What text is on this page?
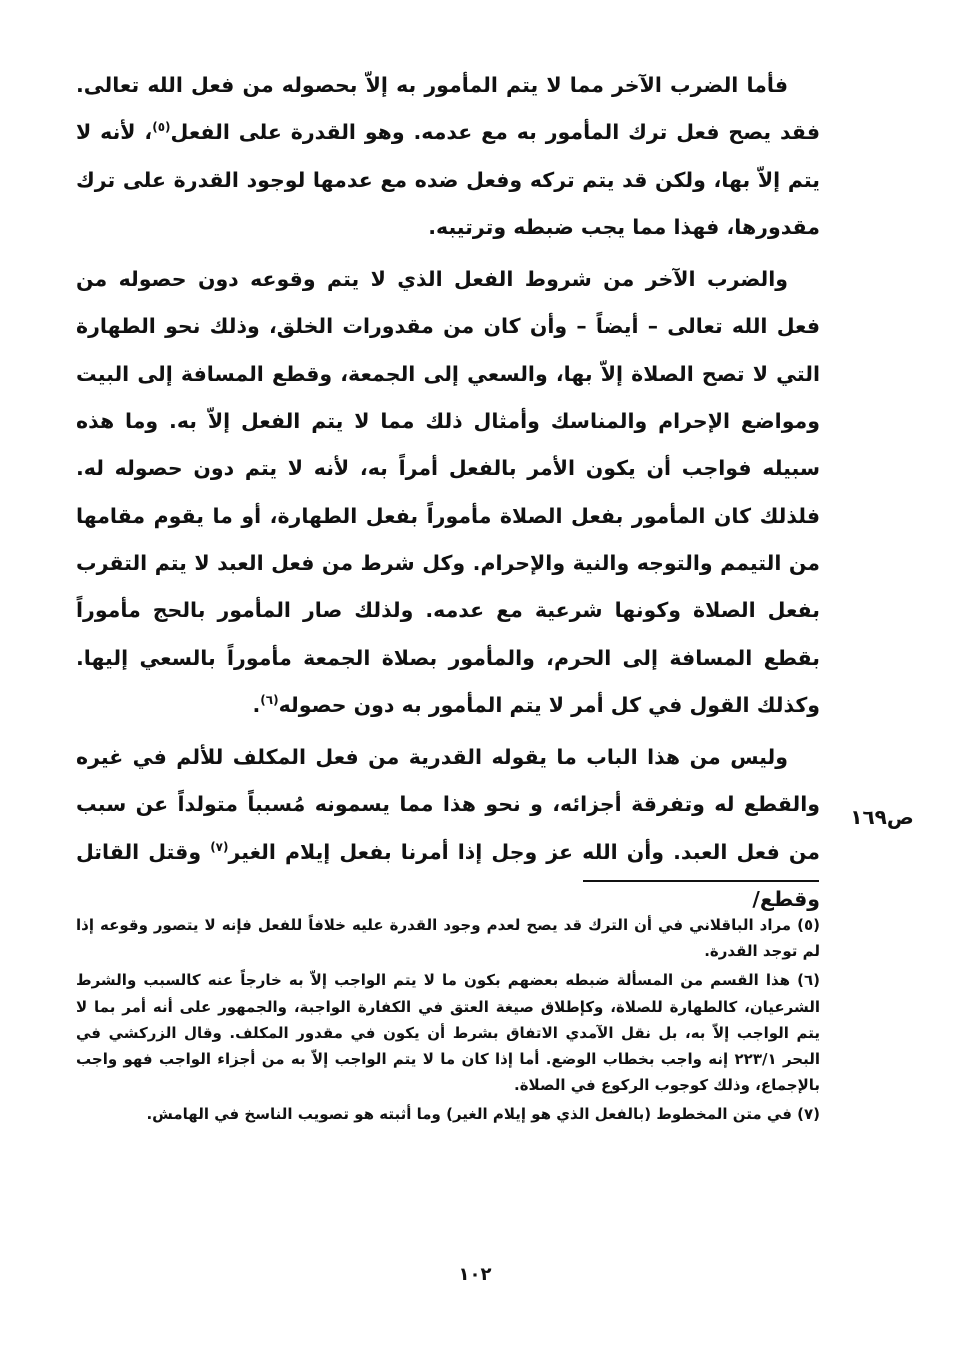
فأما الضرب الآخر مما لا يتم المأمور به إلاّ بحصوله من فعل الله تعالى. فقد يصح فعل ترك المأمور به مع عدمه. وهو القدرة على الفعل$^{(٥)}$، لأنه لا يتم إلاّ بها، ولكن قد يتم تركه وفعل ضده مع عدمها لوجود القدرة على ترك مقدورها، فهذا مما يجب ضبطه وترتيبه.

والضرب الآخر من شروط الفعل الذي لا يتم وقوعه دون حصوله من فعل الله تعالى – أيضاً – وأن كان من مقدورات الخلق، وذلك نحو الطهارة التي لا تصح الصلاة إلاّ بها، والسعي إلى الجمعة، وقطع المسافة إلى البيت ومواضع الإحرام والمناسك وأمثال ذلك مما لا يتم الفعل إلاّ به. وما هذه سبيله فواجب أن يكون الأمر بالفعل أمراً به، لأنه لا يتم دون حصوله له. فلذلك كان المأمور بفعل الصلاة مأموراً بفعل الطهارة، أو ما يقوم مقامها من التيمم والتوجه والنية والإحرام. وكل شرط من فعل العبد لا يتم التقرب بفعل الصلاة وكونها شرعية مع عدمه. ولذلك صار المأمور بالحج مأموراً بقطع المسافة إلى الحرم، والمأمور بصلاة الجمعة مأموراً بالسعي إليها. وكذلك القول في كل أمر لا يتم المأمور به دون حصوله$^{(٦)}$.

وليس من هذا الباب ما يقوله القدرية من فعل المكلف للألم في غيره والقطع له وتفرقة أجزائه، و نحو هذا مما يسمونه مُسبباً متولداً عن سبب من فعل العبد. وأن الله عز وجل إذا أمرنا بفعل إيلام الغير$^{(٧)}$ وقتل القاتل وقطع/

ص١٦٩

(٥) مراد الباقلاني في أن الترك قد يصح لعدم وجود القدرة عليه خلافاً للفعل فإنه لا يتصور وقوعه إذا لم توجد القدرة.

(٦) هذا القسم من المسألة ضبطه بعضهم بكون ما لا يتم الواجب إلاّ به خارجاً عنه كالسبب والشرط الشرعيان، كالطهارة للصلاة، وكإطلاق صيغة العتق في الكفارة الواجبة، والجمهور على أنه أمر بما لا يتم الواجب إلاّ به، بل نقل الآمدي الاتفاق بشرط أن يكون في مقدور المكلف. وقال الزركشي في البحر ٢٢٣/١ إنه واجب بخطاب الوضع. أما إذا كان ما لا يتم الواجب إلاّ به من أجزاء الواجب فهو واجب بالإجماع، وذلك كوجوب الركوع في الصلاة.

(٧) في متن المخطوط (بالفعل الذي هو إيلام الغير) وما أثبته هو تصويب الناسخ في الهامش.

١٠٢
